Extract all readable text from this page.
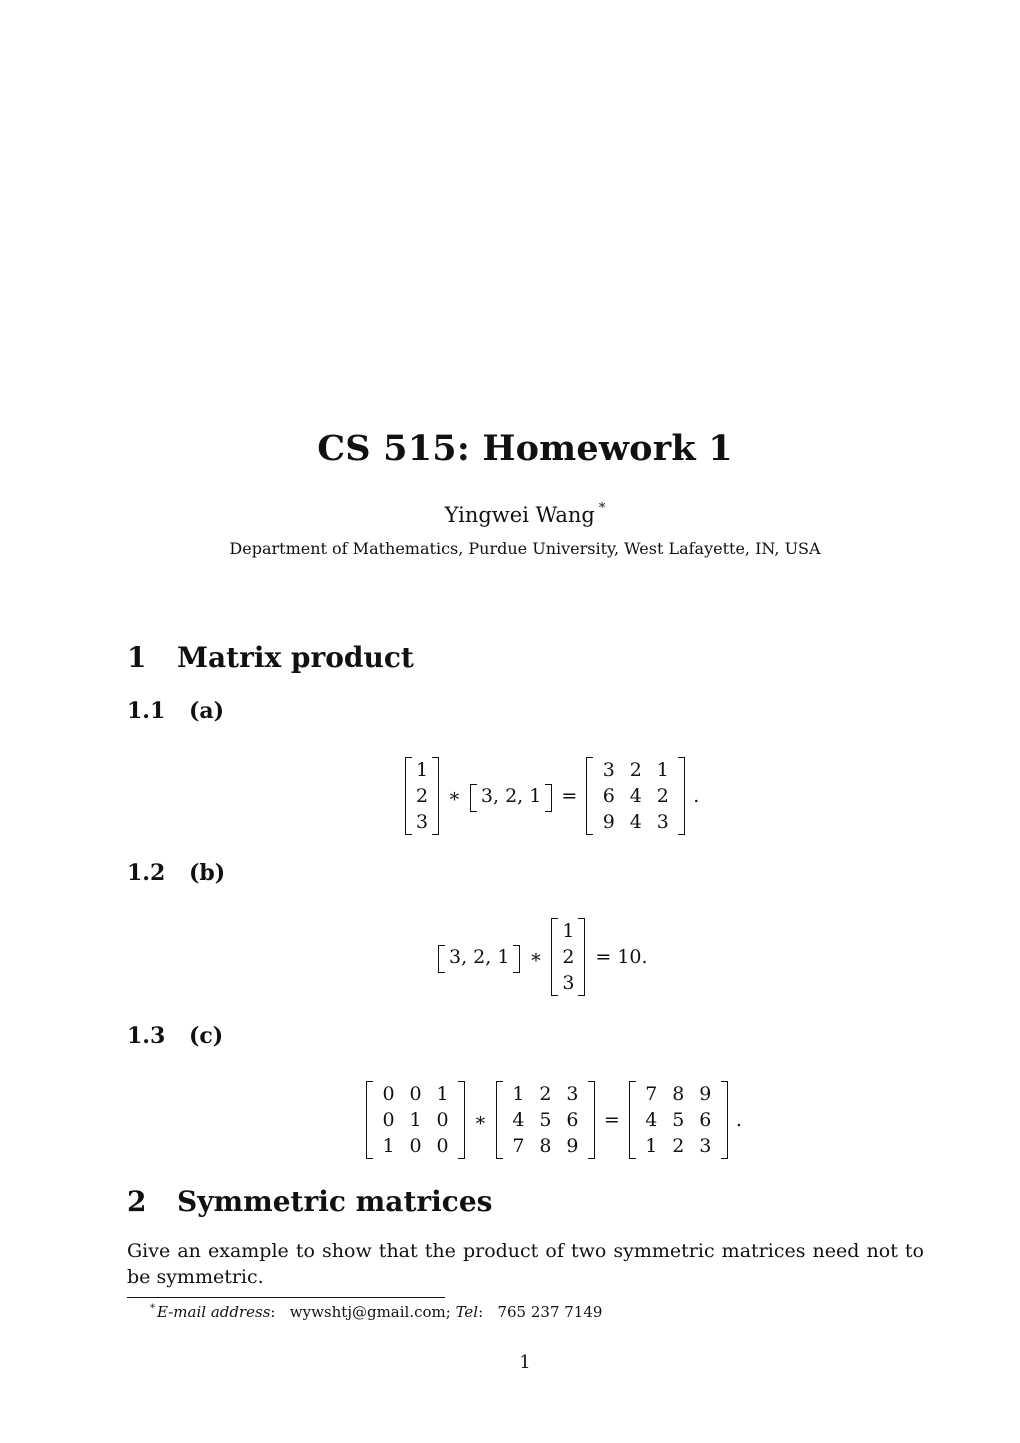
CS 515: Homework 1
Yingwei Wang *
Department of Mathematics, Purdue University, West Lafayette, IN, USA
1 Matrix product
1.1 (a)
1
2
3
∗ 3, 2, 1 =
3 2 1
6 4 2
9 4 3
.
1.2 (b)
3, 2, 1 ∗
1
2
3
= 10.
1.3 (c)
0 0 1
0 1 0
1 0 0
∗
1 2 3
4 5 6
7 8 9
=
7 8 9
4 5 6
1 2 3
.
2 Symmetric matrices
Give an example to show that the product of two symmetric matrices need not to be symmetric.
* E-mail address:   wywshtj@gmail.com; Tel:   765 237 7149
1
